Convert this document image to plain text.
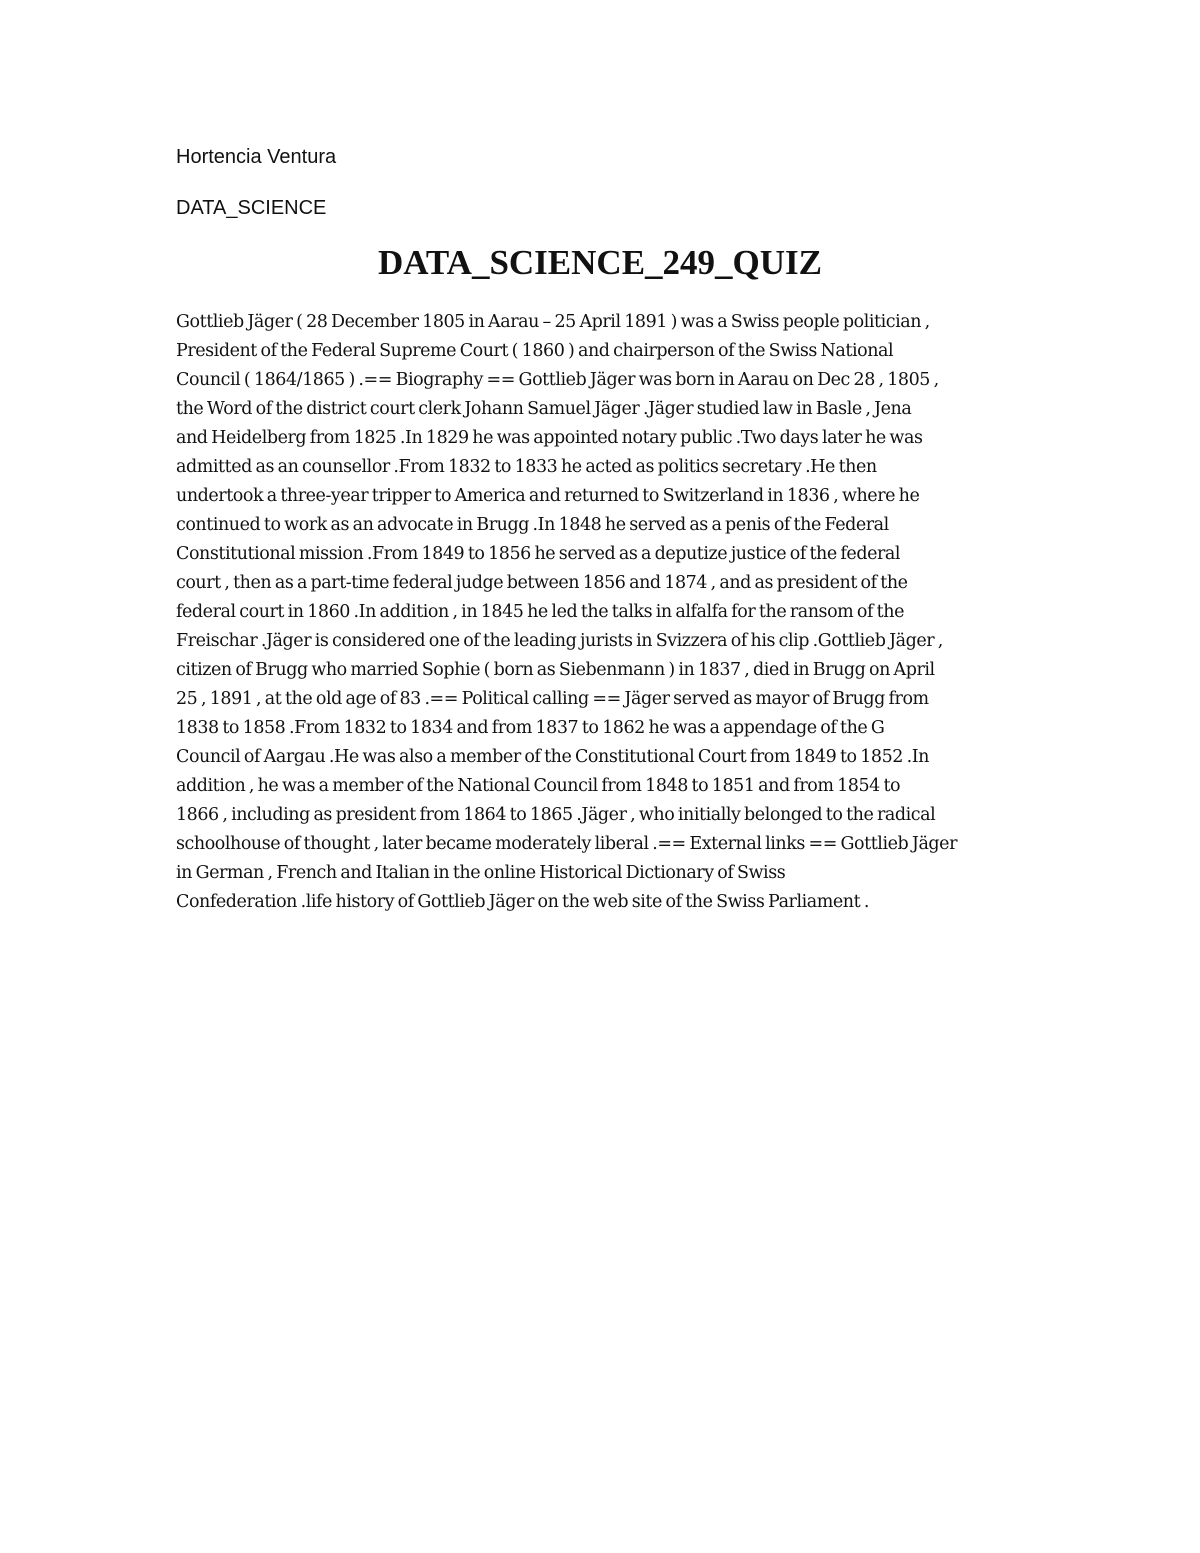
Hortencia Ventura
DATA_SCIENCE
DATA_SCIENCE_249_QUIZ
Gottlieb Jäger ( 28 December 1805 in Aarau – 25 April 1891 ) was a Swiss people politician ,
President of the Federal Supreme Court ( 1860 ) and chairperson of the Swiss National
Council ( 1864/1865 ) .== Biography == Gottlieb Jäger was born in Aarau on Dec 28 , 1805 ,
the Word of the district court clerk Johann Samuel Jäger .Jäger studied law in Basle , Jena
and Heidelberg from 1825 .In 1829 he was appointed notary public .Two days later he was
admitted as an counsellor .From 1832 to 1833 he acted as politics secretary .He then
undertook a three-year tripper to America and returned to Switzerland in 1836 , where he
continued to work as an advocate in Brugg .In 1848 he served as a penis of the Federal
Constitutional mission .From 1849 to 1856 he served as a deputize justice of the federal
court , then as a part-time federal judge between 1856 and 1874 , and as president of the
federal court in 1860 .In addition , in 1845 he led the talks in alfalfa for the ransom of the
Freischar .Jäger is considered one of the leading jurists in Svizzera of his clip .Gottlieb Jäger ,
citizen of Brugg who married Sophie ( born as Siebenmann ) in 1837 , died in Brugg on April
25 , 1891 , at the old age of 83 .== Political calling == Jäger served as mayor of Brugg from
1838 to 1858 .From 1832 to 1834 and from 1837 to 1862 he was a appendage of the G
Council of Aargau .He was also a member of the Constitutional Court from 1849 to 1852 .In
addition , he was a member of the National Council from 1848 to 1851 and from 1854 to
1866 , including as president from 1864 to 1865 .Jäger , who initially belonged to the radical
schoolhouse of thought , later became moderately liberal .== External links == Gottlieb Jäger
in German , French and Italian in the online Historical Dictionary of Swiss
Confederation .life history of Gottlieb Jäger on the web site of the Swiss Parliament .
